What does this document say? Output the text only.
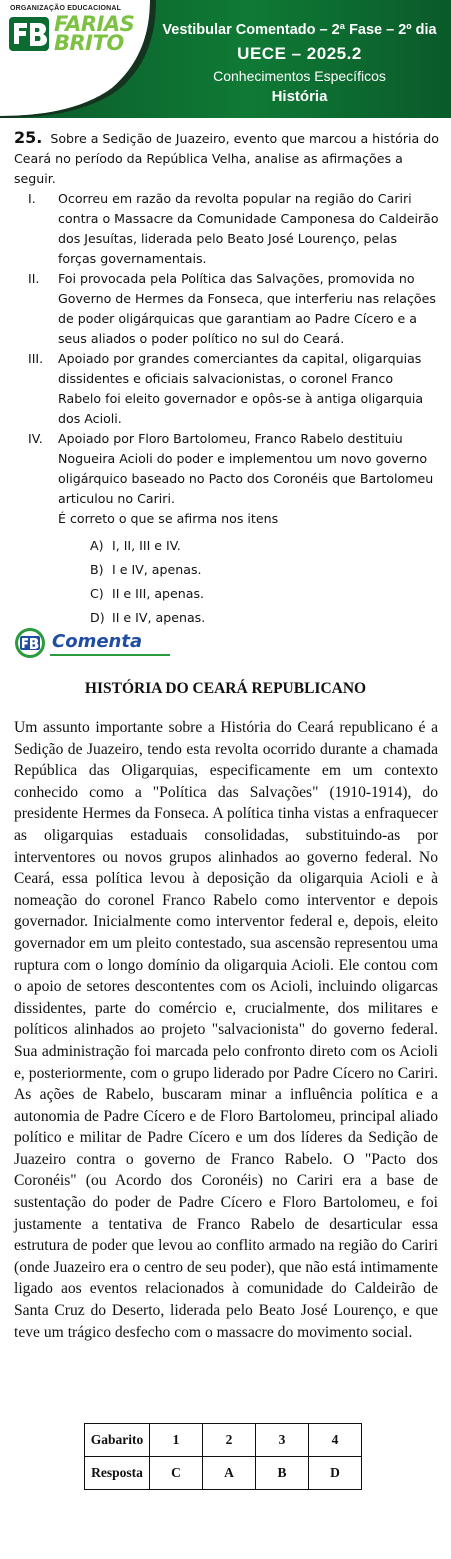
ORGANIZAÇÃO EDUCACIONAL
FARIAS
BRITO
Vestibular Comentado – 2ª Fase – 2º dia
UECE – 2025.2
Conhecimentos Específicos
História
25. Sobre a Sedição de Juazeiro, evento que marcou a história do Ceará no período da República Velha, analise as afirmações a seguir.
I. Ocorreu em razão da revolta popular na região do Cariri contra o Massacre da Comunidade Camponesa do Caldeirão dos Jesuítas, liderada pelo Beato José Lourenço, pelas forças governamentais.
II. Foi provocada pela Política das Salvações, promovida no Governo de Hermes da Fonseca, que interferiu nas relações de poder oligárquicas que garantiam ao Padre Cícero e a seus aliados o poder político no sul do Ceará.
III. Apoiado por grandes comerciantes da capital, oligarquias dissidentes e oficiais salvacionistas, o coronel Franco Rabelo foi eleito governador e opôs-se à antiga oligarquia dos Acioli.
IV. Apoiado por Floro Bartolomeu, Franco Rabelo destituiu Nogueira Acioli do poder e implementou um novo governo oligárquico baseado no Pacto dos Coronéis que Bartolomeu articulou no Cariri.
É correto o que se afirma nos itens
A) I, II, III e IV.
B) I e IV, apenas.
C) II e III, apenas.
D) II e IV, apenas.
Comenta
HISTÓRIA DO CEARÁ REPUBLICANO
Um assunto importante sobre a História do Ceará republicano é a Sedição de Juazeiro, tendo esta revolta ocorrido durante a chamada República das Oligarquias, especificamente em um contexto conhecido como a "Política das Salvações" (1910-1914), do presidente Hermes da Fonseca. A política tinha vistas a enfraquecer as oligarquias estaduais consolidadas, substituindo-as por interventores ou novos grupos alinhados ao governo federal. No Ceará, essa política levou à deposição da oligarquia Acioli e à nomeação do coronel Franco Rabelo como interventor e depois governador. Inicialmente como interventor federal e, depois, eleito governador em um pleito contestado, sua ascensão representou uma ruptura com o longo domínio da oligarquia Acioli. Ele contou com o apoio de setores descontentes com os Acioli, incluindo oligarcas dissidentes, parte do comércio e, crucialmente, dos militares e políticos alinhados ao projeto "salvacionista" do governo federal. Sua administração foi marcada pelo confronto direto com os Acioli e, posteriormente, com o grupo liderado por Padre Cícero no Cariri. As ações de Rabelo, buscaram minar a influência política e a autonomia de Padre Cícero e de Floro Bartolomeu, principal aliado político e militar de Padre Cícero e um dos líderes da Sedição de Juazeiro contra o governo de Franco Rabelo. O "Pacto dos Coronéis" (ou Acordo dos Coronéis) no Cariri era a base de sustentação do poder de Padre Cícero e Floro Bartolomeu, e foi justamente a tentativa de Franco Rabelo de desarticular essa estrutura de poder que levou ao conflito armado na região do Cariri (onde Juazeiro era o centro de seu poder), que não está intimamente ligado aos eventos relacionados à comunidade do Caldeirão de Santa Cruz do Deserto, liderada pelo Beato José Lourenço, e que teve um trágico desfecho com o massacre do movimento social.
Gabarito	1	2	3	4
Resposta	C	A	B	D
